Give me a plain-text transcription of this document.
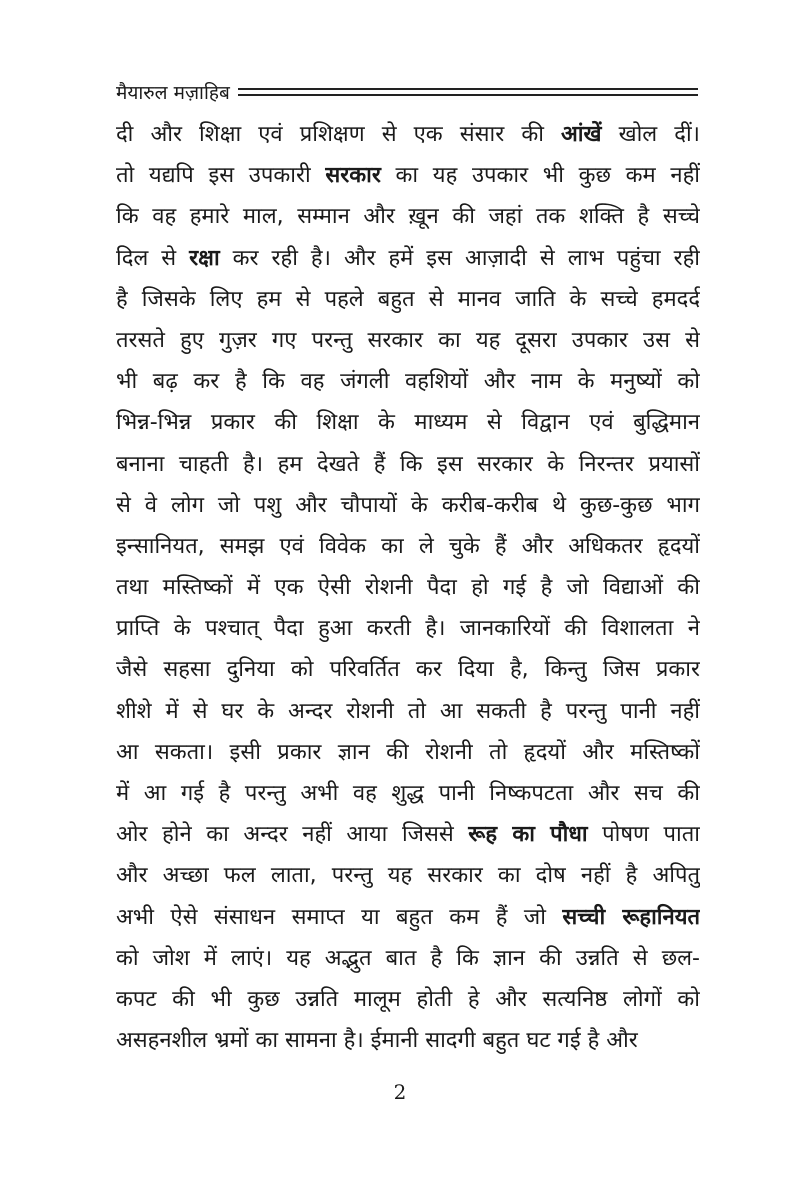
मैयारुल मज़ाहिब
दी और शिक्षा एवं प्रशिक्षण से एक संसार की आंखें खोल दीं।
तो यद्यपि इस उपकारी सरकार का यह उपकार भी कुछ कम नहीं
कि वह हमारे माल, सम्मान और ख़ून की जहां तक शक्ति है सच्चे
दिल से रक्षा कर रही है। और हमें इस आज़ादी से लाभ पहुंचा रही
है जिसके लिए हम से पहले बहुत से मानव जाति के सच्चे हमदर्द
तरसते हुए गुज़र गए परन्तु सरकार का यह दूसरा उपकार उस से
भी बढ़ कर है कि वह जंगली वहशियों और नाम के मनुष्यों को
भिन्न-भिन्न प्रकार की शिक्षा के माध्यम से विद्वान एवं बुद्धिमान
बनाना चाहती है। हम देखते हैं कि इस सरकार के निरन्तर प्रयासों
से वे लोग जो पशु और चौपायों के करीब-करीब थे कुछ-कुछ भाग
इन्सानियत, समझ एवं विवेक का ले चुके हैं और अधिकतर हृदयों
तथा मस्तिष्कों में एक ऐसी रोशनी पैदा हो गई है जो विद्याओं की
प्राप्ति के पश्चात् पैदा हुआ करती है। जानकारियों की विशालता ने
जैसे सहसा दुनिया को परिवर्तित कर दिया है, किन्तु जिस प्रकार
शीशे में से घर के अन्दर रोशनी तो आ सकती है परन्तु पानी नहीं
आ सकता। इसी प्रकार ज्ञान की रोशनी तो हृदयों और मस्तिष्कों
में आ गई है परन्तु अभी वह शुद्ध पानी निष्कपटता और सच की
ओर होने का अन्दर नहीं आया जिससे रूह का पौधा पोषण पाता
और अच्छा फल लाता, परन्तु यह सरकार का दोष नहीं है अपितु
अभी ऐसे संसाधन समाप्त या बहुत कम हैं जो सच्ची रूहानियत
को जोश में लाएं। यह अद्भुत बात है कि ज्ञान की उन्नति से छल-
कपट की भी कुछ उन्नति मालूम होती हे और सत्यनिष्ठ लोगों को
असहनशील भ्रमों का सामना है। ईमानी सादगी बहुत घट गई है और
2
